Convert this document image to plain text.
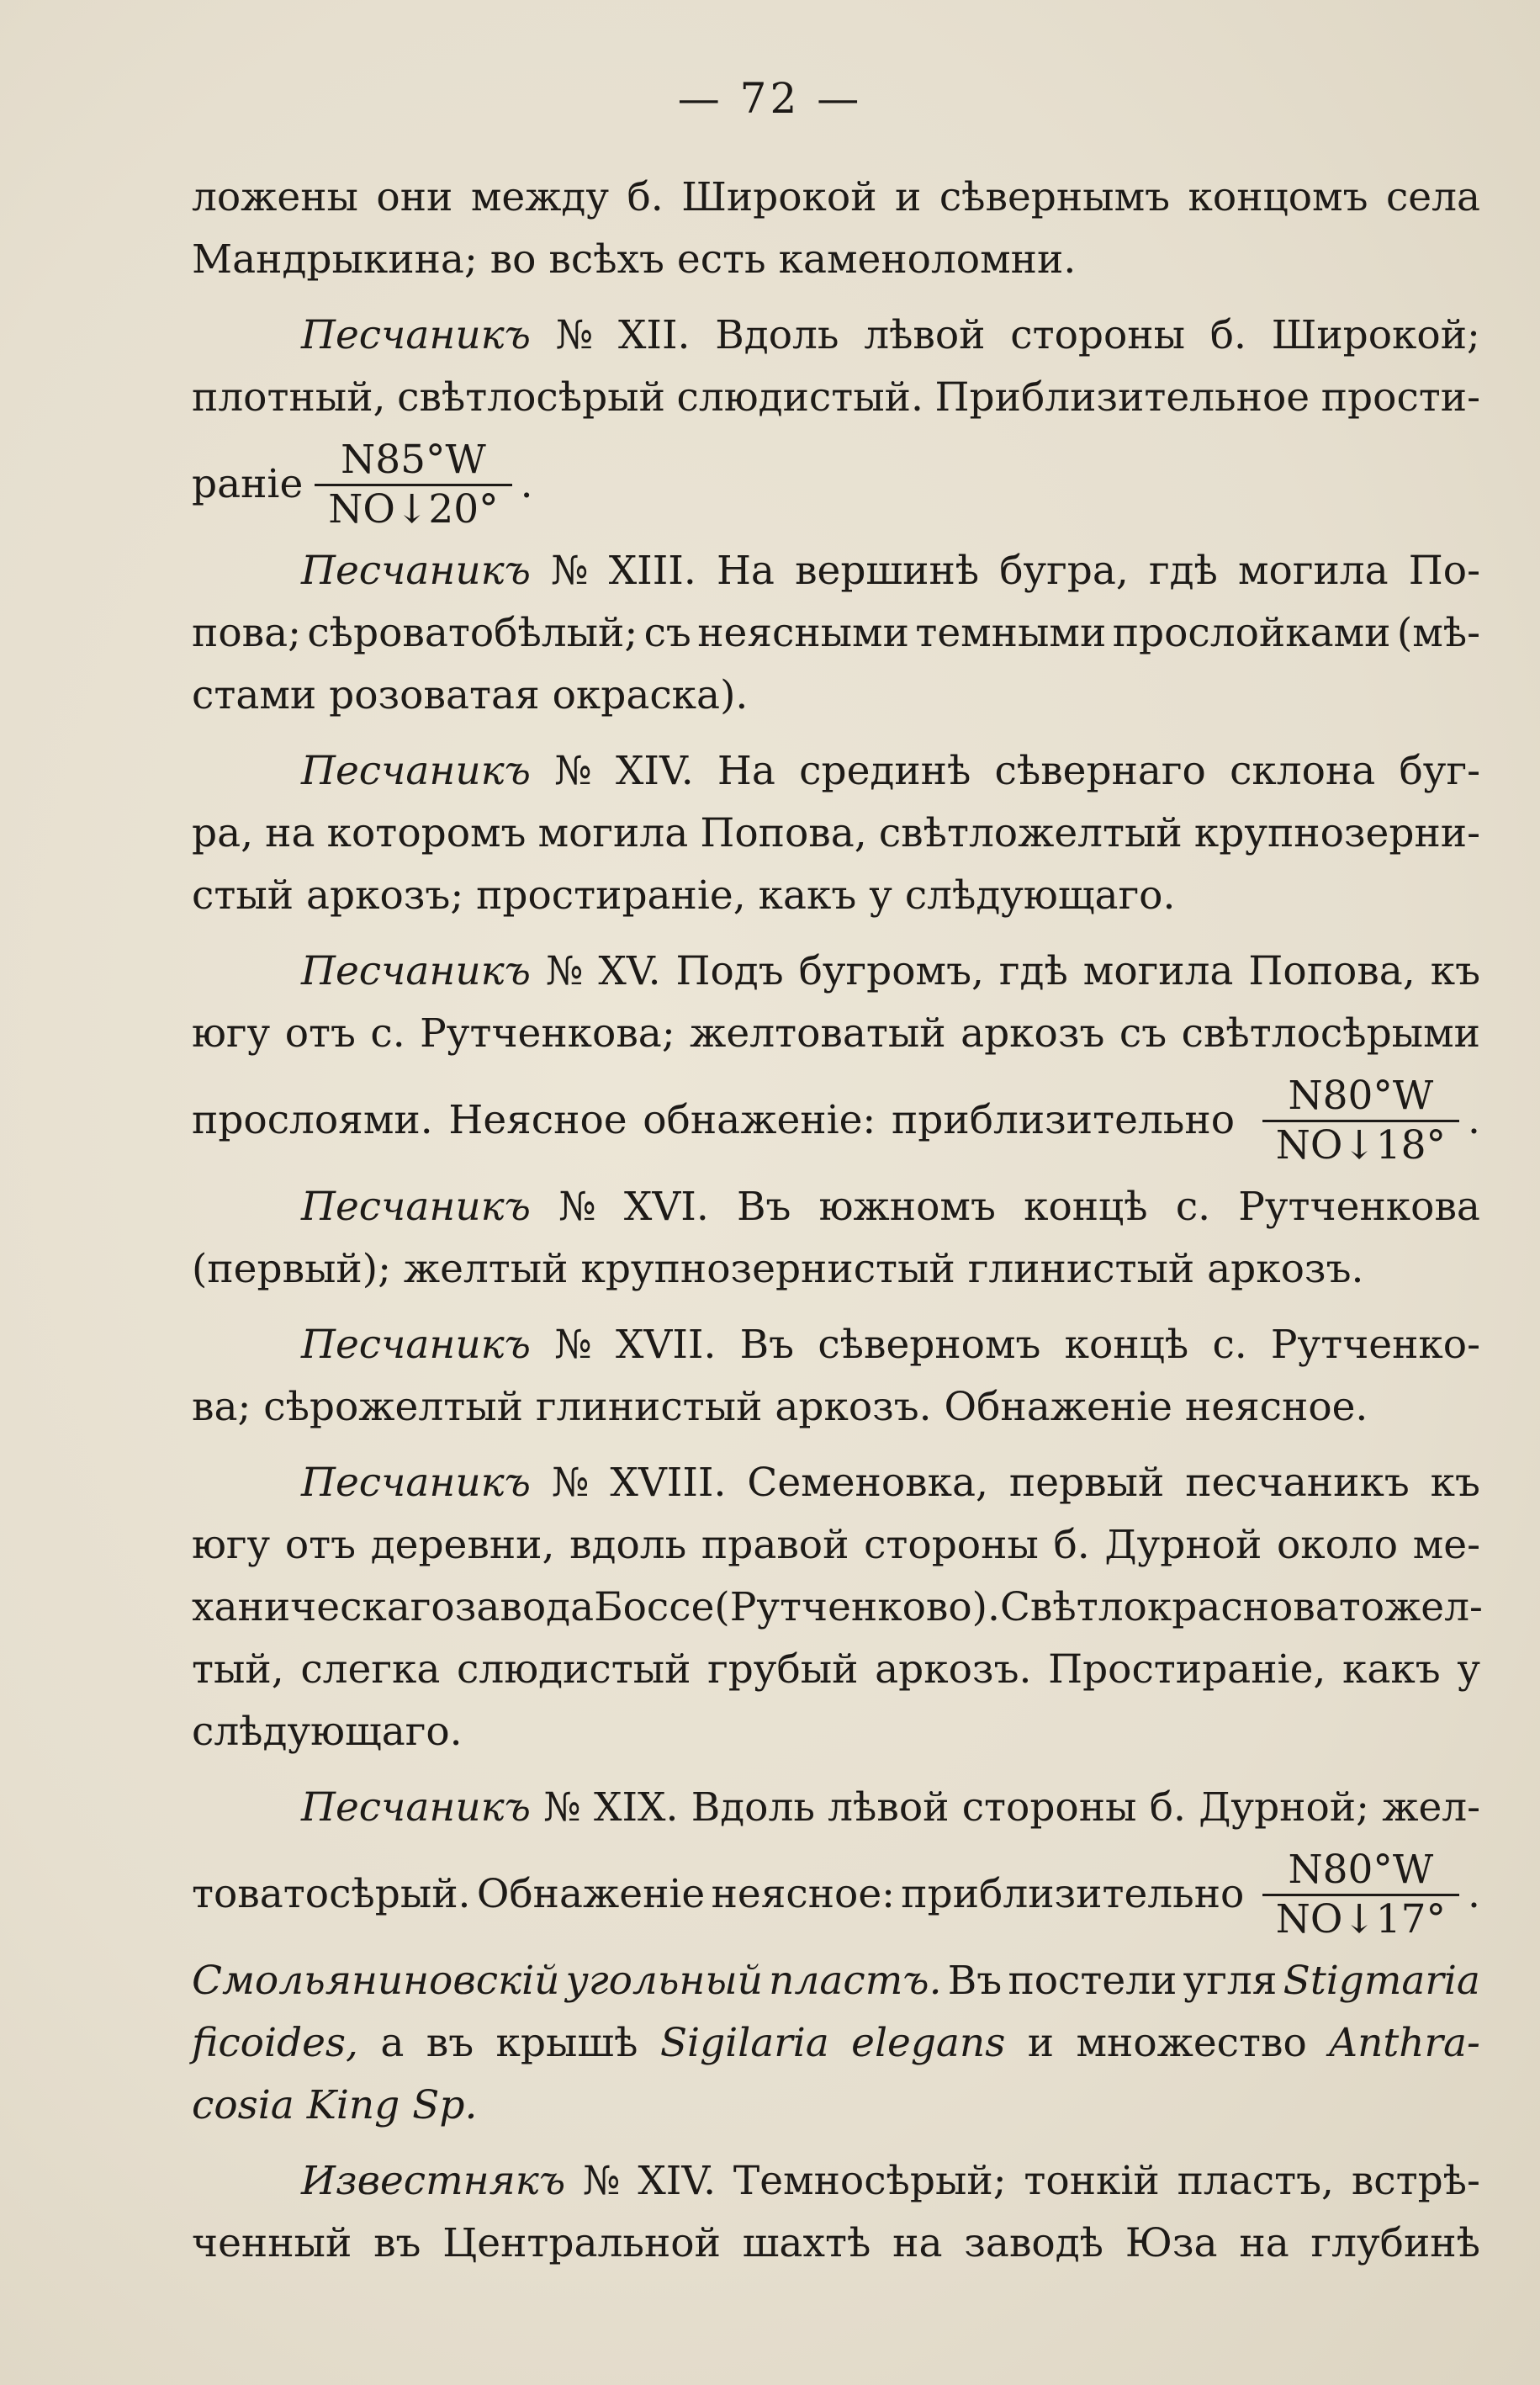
— 72 —
ложены они между б. Широкой и сѣвернымъ концомъ села
Мандрыкина; во всѣхъ есть каменоломни.
Песчаникъ № XII. Вдоль лѣвой стороны б. Широкой;
плотный, свѣтлосѣрый слюдистый. Приблизительное прости-
раніе $\frac{N85^\circ W}{NO↓20^\circ}$ .
Песчаникъ № XIII. На вершинѣ бугра, гдѣ могила По-
пова; сѣроватобѣлый; съ неясными темными прослойками (мѣ-
стами розоватая окраска).
Песчаникъ № XIV. На срединѣ сѣвернаго склона буг-
ра, на которомъ могила Попова, свѣтложелтый крупнозерни-
стый аркозъ; простираніе, какъ у слѣдующаго.
Песчаникъ № XV. Подъ бугромъ, гдѣ могила Попова, къ
югу отъ с. Рутченкова; желтоватый аркозъ съ свѣтлосѣрыми
прослоями. Неясное обнаженіе: приблизительно $\frac{N80^\circ W}{NO↓18^\circ}$ .
Песчаникъ № XVI. Въ южномъ концѣ с. Рутченкова
(первый); желтый крупнозернистый глинистый аркозъ.
Песчаникъ № XVII. Въ сѣверномъ концѣ с. Рутченко-
ва; сѣрожелтый глинистый аркозъ. Обнаженіе неясное.
Песчаникъ № XVIII. Семеновка, первый песчаникъ къ
югу отъ деревни, вдоль правой стороны б. Дурной около ме-
ханическаго завода Боссе (Рутченково). Свѣтлокрасноватожел-
тый, слегка слюдистый грубый аркозъ. Простираніе, какъ у
слѣдующаго.
Песчаникъ № XIX. Вдоль лѣвой стороны б. Дурной; жел-
товатосѣрый. Обнаженіе неясное: приблизительно $\frac{N80^\circ W}{NO↓17^\circ}$ .
Смольяниновскій угольный пластъ. Въ постели угля Stigmaria
ficoides, а въ крышѣ Sigilaria elegans и множество Anthra-
cosia King Sp.
Известнякъ № XIV. Темносѣрый; тонкій пластъ, встрѣ-
ченный въ Центральной шахтѣ на заводѣ Юза на глубинѣ
